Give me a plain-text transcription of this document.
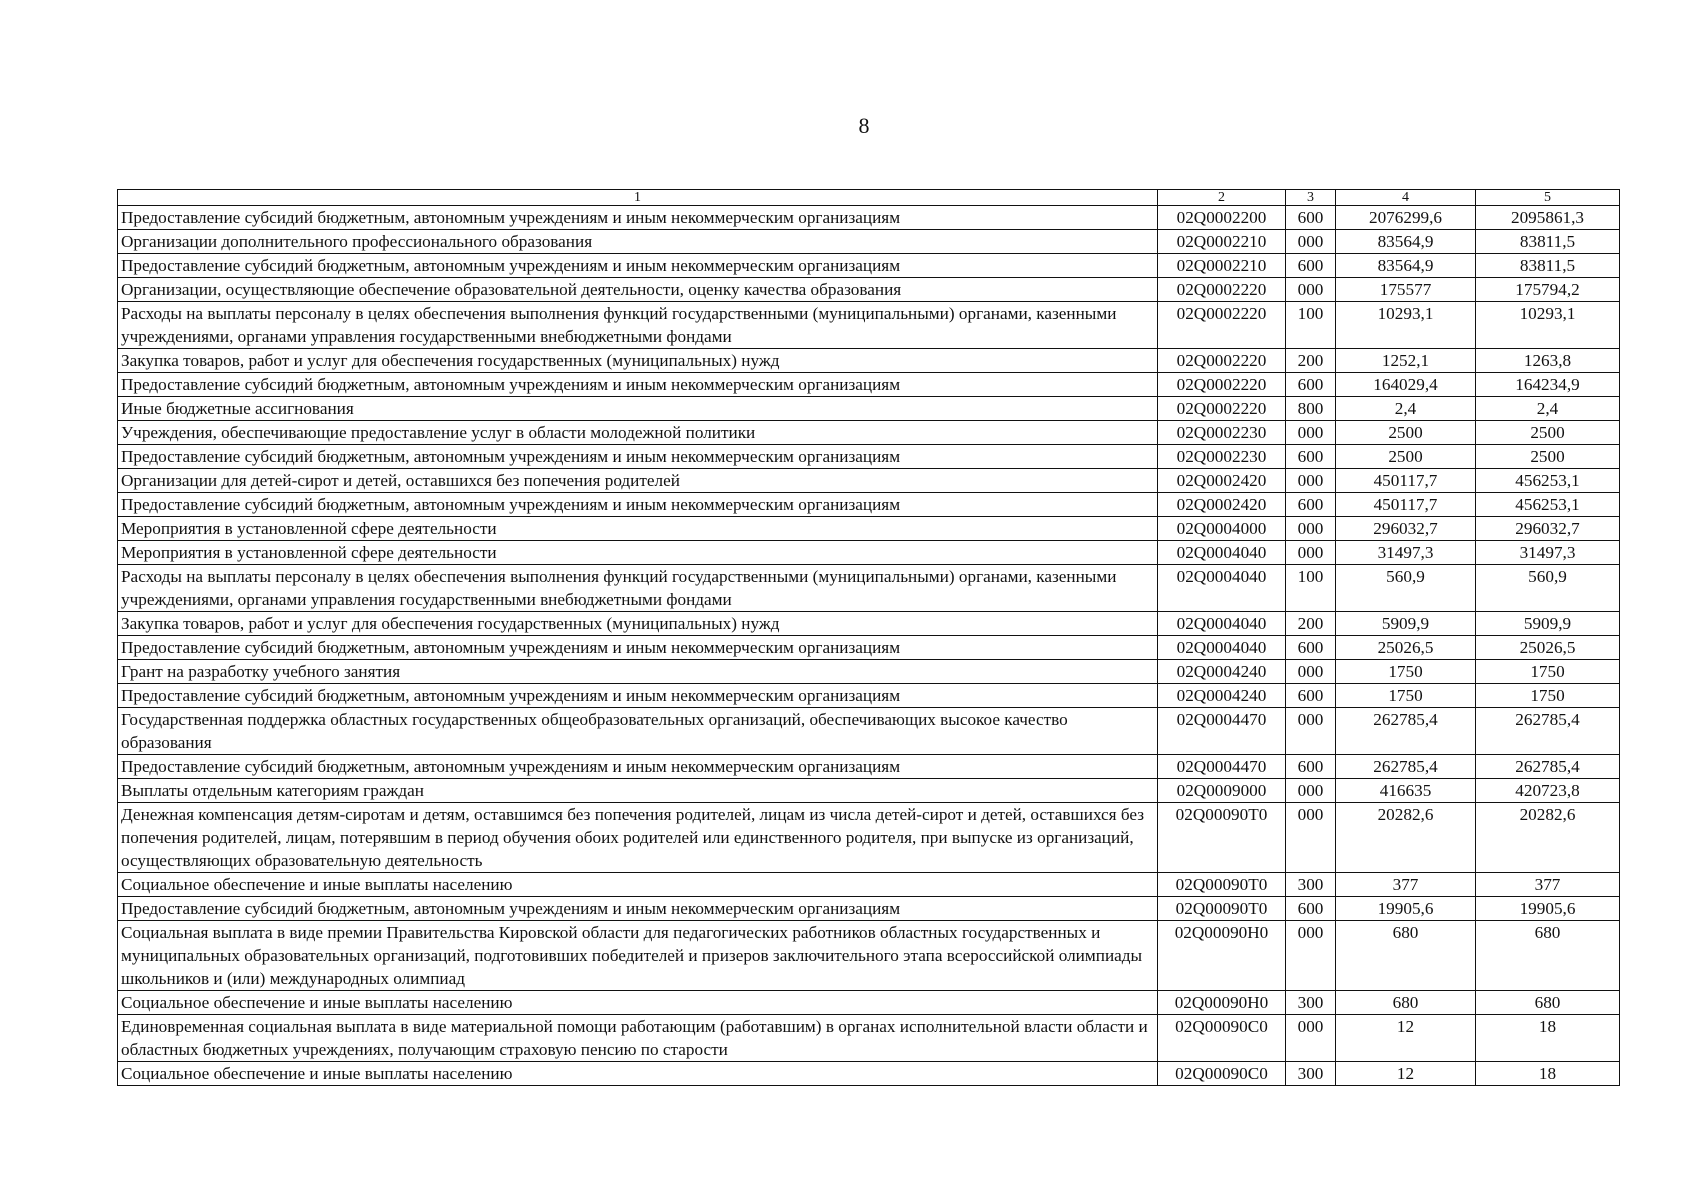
8
1	2	3	4	5
Предоставление субсидий бюджетным, автономным учреждениям и иным некоммерческим организациям	02Q0002200	600	2076299,6	2095861,3
Организации дополнительного профессионального образования	02Q0002210	000	83564,9	83811,5
Предоставление субсидий бюджетным, автономным учреждениям и иным некоммерческим организациям	02Q0002210	600	83564,9	83811,5
Организации, осуществляющие обеспечение образовательной деятельности, оценку качества образования	02Q0002220	000	175577	175794,2
Расходы на выплаты персоналу в целях обеспечения выполнения функций государственными (муниципальными) органами, казенными учреждениями, органами управления государственными внебюджетными фондами	02Q0002220	100	10293,1	10293,1
Закупка товаров, работ и услуг для обеспечения государственных (муниципальных) нужд	02Q0002220	200	1252,1	1263,8
Предоставление субсидий бюджетным, автономным учреждениям и иным некоммерческим организациям	02Q0002220	600	164029,4	164234,9
Иные бюджетные ассигнования	02Q0002220	800	2,4	2,4
Учреждения, обеспечивающие предоставление услуг в области молодежной политики	02Q0002230	000	2500	2500
Предоставление субсидий бюджетным, автономным учреждениям и иным некоммерческим организациям	02Q0002230	600	2500	2500
Организации для детей-сирот и детей, оставшихся без попечения родителей	02Q0002420	000	450117,7	456253,1
Предоставление субсидий бюджетным, автономным учреждениям и иным некоммерческим организациям	02Q0002420	600	450117,7	456253,1
Мероприятия в установленной сфере деятельности	02Q0004000	000	296032,7	296032,7
Мероприятия в установленной сфере деятельности	02Q0004040	000	31497,3	31497,3
Расходы на выплаты персоналу в целях обеспечения выполнения функций государственными (муниципальными) органами, казенными учреждениями, органами управления государственными внебюджетными фондами	02Q0004040	100	560,9	560,9
Закупка товаров, работ и услуг для обеспечения государственных (муниципальных) нужд	02Q0004040	200	5909,9	5909,9
Предоставление субсидий бюджетным, автономным учреждениям и иным некоммерческим организациям	02Q0004040	600	25026,5	25026,5
Грант на разработку учебного занятия	02Q0004240	000	1750	1750
Предоставление субсидий бюджетным, автономным учреждениям и иным некоммерческим организациям	02Q0004240	600	1750	1750
Государственная поддержка областных государственных общеобразовательных организаций, обеспечивающих высокое качество образования	02Q0004470	000	262785,4	262785,4
Предоставление субсидий бюджетным, автономным учреждениям и иным некоммерческим организациям	02Q0004470	600	262785,4	262785,4
Выплаты отдельным категориям граждан	02Q0009000	000	416635	420723,8
Денежная компенсация детям-сиротам и детям, оставшимся без попечения родителей, лицам из числа детей-сирот и детей, оставшихся без попечения родителей, лицам, потерявшим в период обучения обоих родителей или единственного родителя, при выпуске из организаций, осуществляющих образовательную деятельность	02Q00090Т0	000	20282,6	20282,6
Социальное обеспечение и иные выплаты населению	02Q00090Т0	300	377	377
Предоставление субсидий бюджетным, автономным учреждениям и иным некоммерческим организациям	02Q00090Т0	600	19905,6	19905,6
Социальная выплата в виде премии Правительства Кировской области для педагогических работников областных государственных и муниципальных образовательных организаций, подготовивших победителей и призеров заключительного этапа всероссийской олимпиады школьников и (или) международных олимпиад	02Q00090Н0	000	680	680
Социальное обеспечение и иные выплаты населению	02Q00090Н0	300	680	680
Единовременная социальная выплата в виде материальной помощи работающим (работавшим) в органах исполнительной власти области и областных бюджетных учреждениях, получающим страховую пенсию по старости	02Q00090С0	000	12	18
Социальное обеспечение и иные выплаты населению	02Q00090С0	300	12	18
